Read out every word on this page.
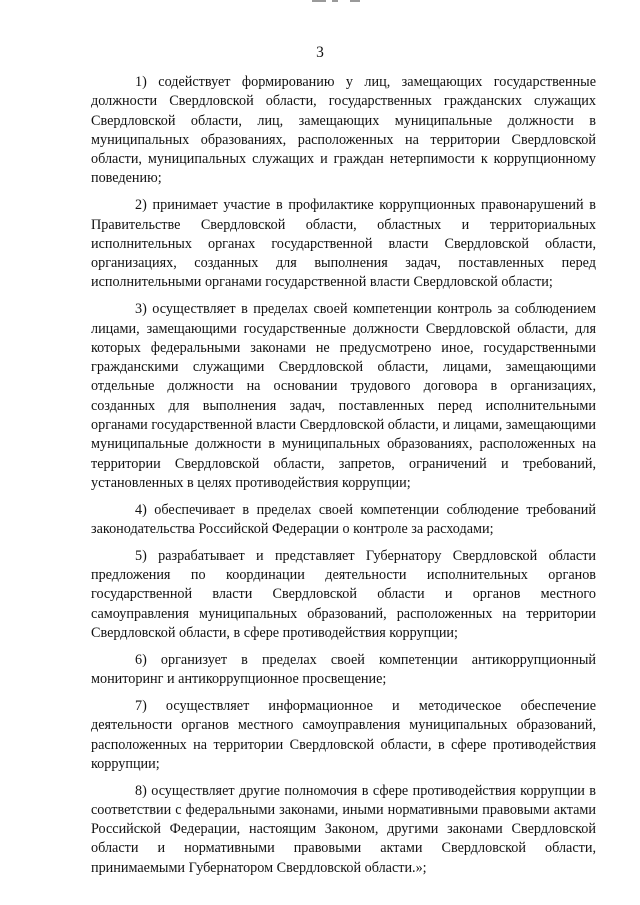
3

1) содействует формированию у лиц, замещающих государственные должности Свердловской области, государственных гражданских служащих Свердловской области, лиц, замещающих муниципальные должности в муниципальных образованиях, расположенных на территории Свердловской области, муниципальных служащих и граждан нетерпимости к коррупционному поведению;

2) принимает участие в профилактике коррупционных правонарушений в Правительстве Свердловской области, областных и территориальных исполнительных органах государственной власти Свердловской области, организациях, созданных для выполнения задач, поставленных перед исполнительными органами государственной власти Свердловской области;

3) осуществляет в пределах своей компетенции контроль за соблюдением лицами, замещающими государственные должности Свердловской области, для которых федеральными законами не предусмотрено иное, государственными гражданскими служащими Свердловской области, лицами, замещающими отдельные должности на основании трудового договора в организациях, созданных для выполнения задач, поставленных перед исполнительными органами государственной власти Свердловской области, и лицами, замещающими муниципальные должности в муниципальных образованиях, расположенных на территории Свердловской области, запретов, ограничений и требований, установленных в целях противодействия коррупции;

4) обеспечивает в пределах своей компетенции соблюдение требований законодательства Российской Федерации о контроле за расходами;

5) разрабатывает и представляет Губернатору Свердловской области предложения по координации деятельности исполнительных органов государственной власти Свердловской области и органов местного самоуправления муниципальных образований, расположенных на территории Свердловской области, в сфере противодействия коррупции;

6) организует в пределах своей компетенции антикоррупционный мониторинг и антикоррупционное просвещение;

7) осуществляет информационное и методическое обеспечение деятельности органов местного самоуправления муниципальных образований, расположенных на территории Свердловской области, в сфере противодействия коррупции;

8) осуществляет другие полномочия в сфере противодействия коррупции в соответствии с федеральными законами, иными нормативными правовыми актами Российской Федерации, настоящим Законом, другими законами Свердловской области и нормативными правовыми актами Свердловской области, принимаемыми Губернатором Свердловской области.»;
